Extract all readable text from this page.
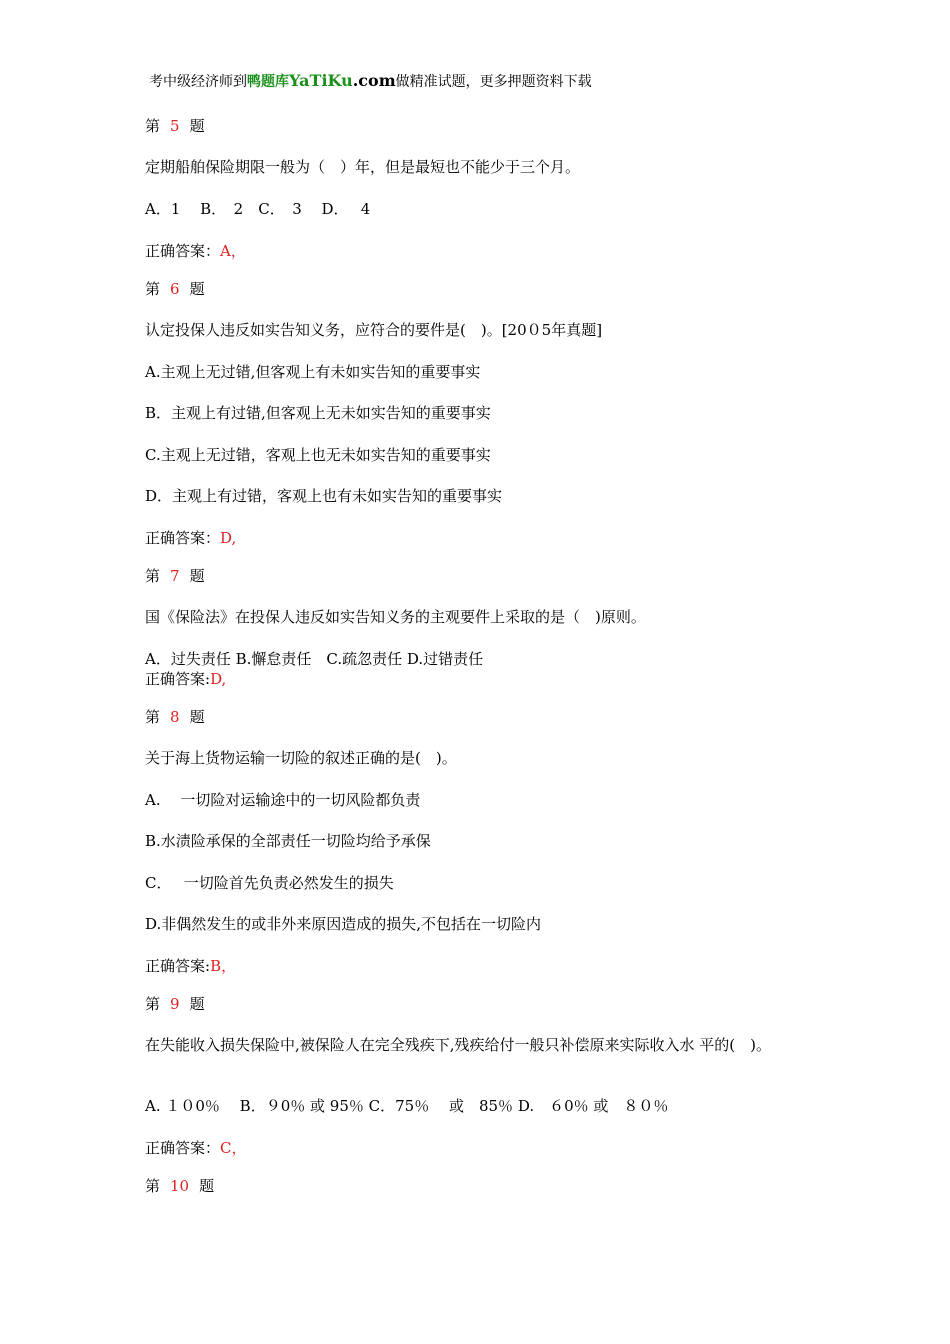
考中级经济师到鸭题库YaTiKu.com做精准试题，更多押题资料下载
第 5 题
定期船舶保险期限一般为（　）年，但是最短也不能少于三个月。
A．1　 B．　2　C．　3　 D．　 4
正确答案：A，
第 6 题
认定投保人违反如实告知义务，应符合的要件是(　)。[20０5年真题]
A.主观上无过错,但客观上有未如实告知的重要事实
B．主观上有过错,但客观上无未如实告知的重要事实
C.主观上无过错，客观上也无未如实告知的重要事实
D．主观上有过错，客观上也有未如实告知的重要事实
正确答案：D,
第 7 题
国《保险法》在投保人违反如实告知义务的主观要件上采取的是（　)原则。
A．过失责任 B.懈怠责任　C.疏忽责任 D.过错责任
正确答案:D,
第 8 题
关于海上货物运输一切险的叙述正确的是(　)。
A.　 一切险对运输途中的一切风险都负责
B.水渍险承保的全部责任一切险均给予承保
C．　 一切险首先负责必然发生的损失
D.非偶然发生的或非外来原因造成的损失,不包括在一切险内
正确答案:B，
第 9 题
在失能收入损失保险中,被保险人在完全残疾下,残疾给付一般只补偿原来实际收入水 平的(　)。
A. １０0％　 B．９0％ 或 95％ C．75％　 或　85％ D.　６0％ 或　８０％
正确答案：C，
第 10 题
